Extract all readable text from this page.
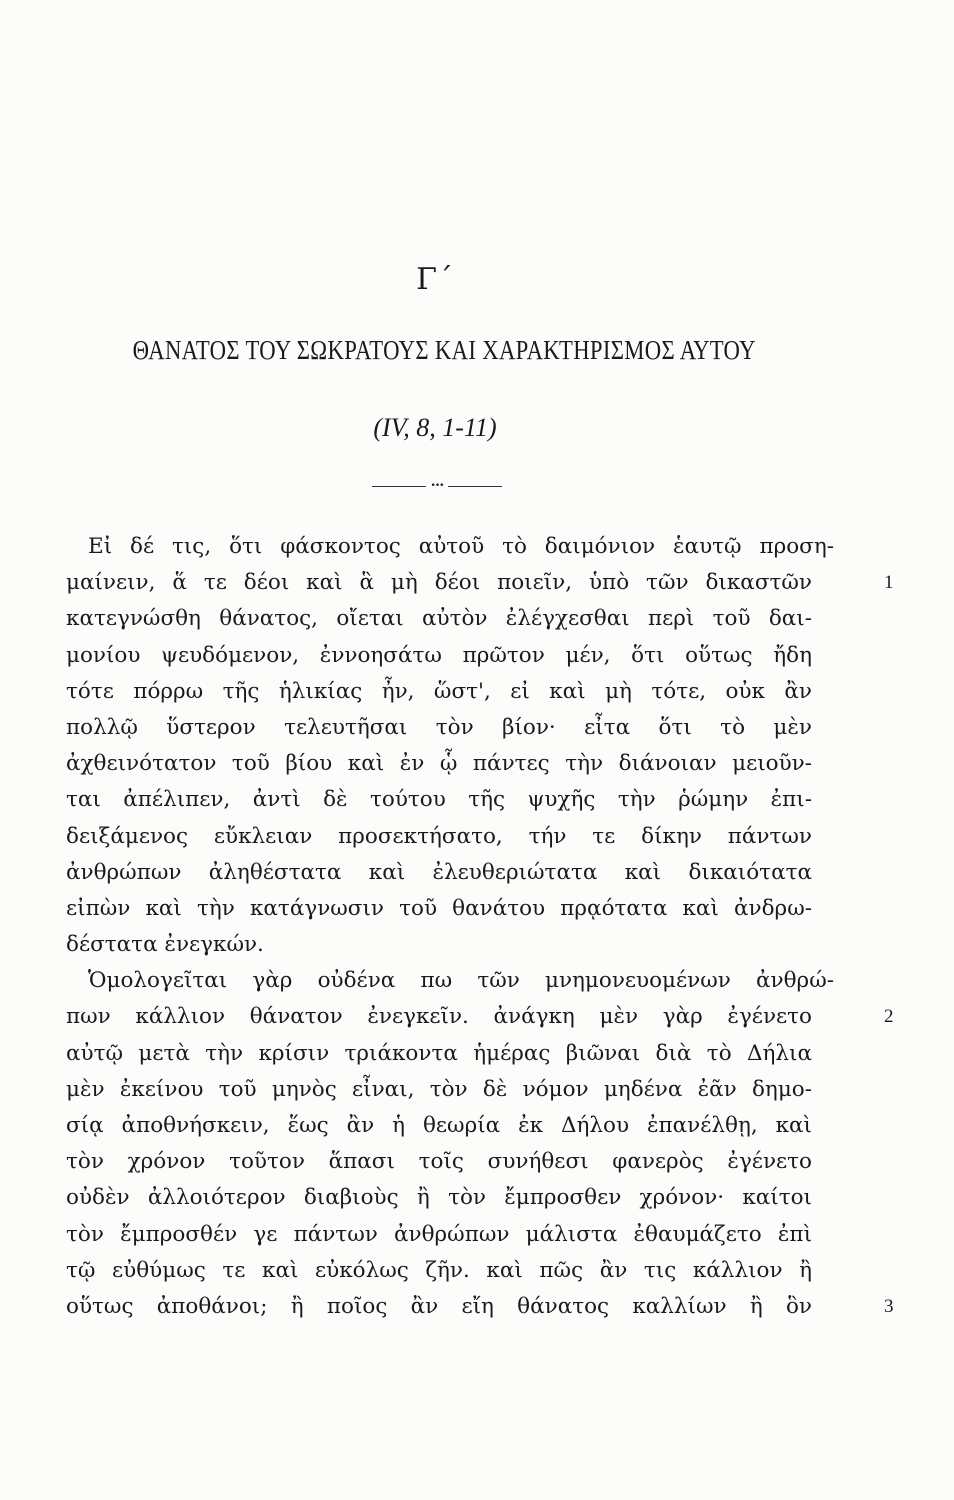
Γ΄
ΘΑΝΑΤΟΣ ΤΟΥ ΣΩΚΡΑΤΟΥΣ ΚΑΙ ΧΑΡΑΚΤΗΡΙΣΜΟΣ ΑΥΤΟΥ
(IV, 8, 1-11)
•••
Εἰ δέ τις, ὅτι φάσκοντος αὐτοῦ τὸ δαιμόνιον ἑαυτῷ προση-
1
μαίνειν, ἅ τε δέοι καὶ ἃ μὴ δέοι ποιεῖν, ὑπὸ τῶν δικαστῶν
κατεγνώσθη θάνατος, οἴεται αὐτὸν ἐλέγχεσθαι περὶ τοῦ δαι-
μονίου ψευδόμενον, ἐννοησάτω πρῶτον μέν, ὅτι οὕτως ἤδη
τότε πόρρω τῆς ἡλικίας ἦν, ὥστ', εἰ καὶ μὴ τότε, οὐκ ἂν
πολλῷ ὕστερον τελευτῆσαι τὸν βίον· εἶτα ὅτι τὸ μὲν
ἀχθεινότατον τοῦ βίου καὶ ἐν ᾧ πάντες τὴν διάνοιαν μειοῦν-
ται ἀπέλιπεν, ἀντὶ δὲ τούτου τῆς ψυχῆς τὴν ῥώμην ἐπι-
δειξάμενος εὔκλειαν προσεκτήσατο, τήν τε δίκην πάντων
ἀνθρώπων ἀληθέστατα καὶ ἐλευθεριώτατα καὶ δικαιότατα
εἰπὼν καὶ τὴν κατάγνωσιν τοῦ θανάτου πρᾳότατα καὶ ἀνδρω-
δέστατα ἐνεγκών.
Ὁμολογεῖται γὰρ οὐδένα πω τῶν μνημονευομένων ἀνθρώ-
2
πων κάλλιον θάνατον ἐνεγκεῖν. ἀνάγκη μὲν γὰρ ἐγένετο
αὐτῷ μετὰ τὴν κρίσιν τριάκοντα ἡμέρας βιῶναι διὰ τὸ Δήλια
μὲν ἐκείνου τοῦ μηνὸς εἶναι, τὸν δὲ νόμον μηδένα ἐᾶν δημο-
σίᾳ ἀποθνήσκειν, ἕως ἂν ἡ θεωρία ἐκ Δήλου ἐπανέλθῃ, καὶ
τὸν χρόνον τοῦτον ἅπασι τοῖς συνήθεσι φανερὸς ἐγένετο
οὐδὲν ἀλλοιότερον διαβιοὺς ἢ τὸν ἔμπροσθεν χρόνον· καίτοι
τὸν ἔμπροσθέν γε πάντων ἀνθρώπων μάλιστα ἐθαυμάζετο ἐπὶ
τῷ εὐθύμως τε καὶ εὐκόλως ζῆν. καὶ πῶς ἂν τις κάλλιον ἢ
3
οὕτως ἀποθάνοι; ἢ ποῖος ἂν εἴη θάνατος καλλίων ἢ ὃν
